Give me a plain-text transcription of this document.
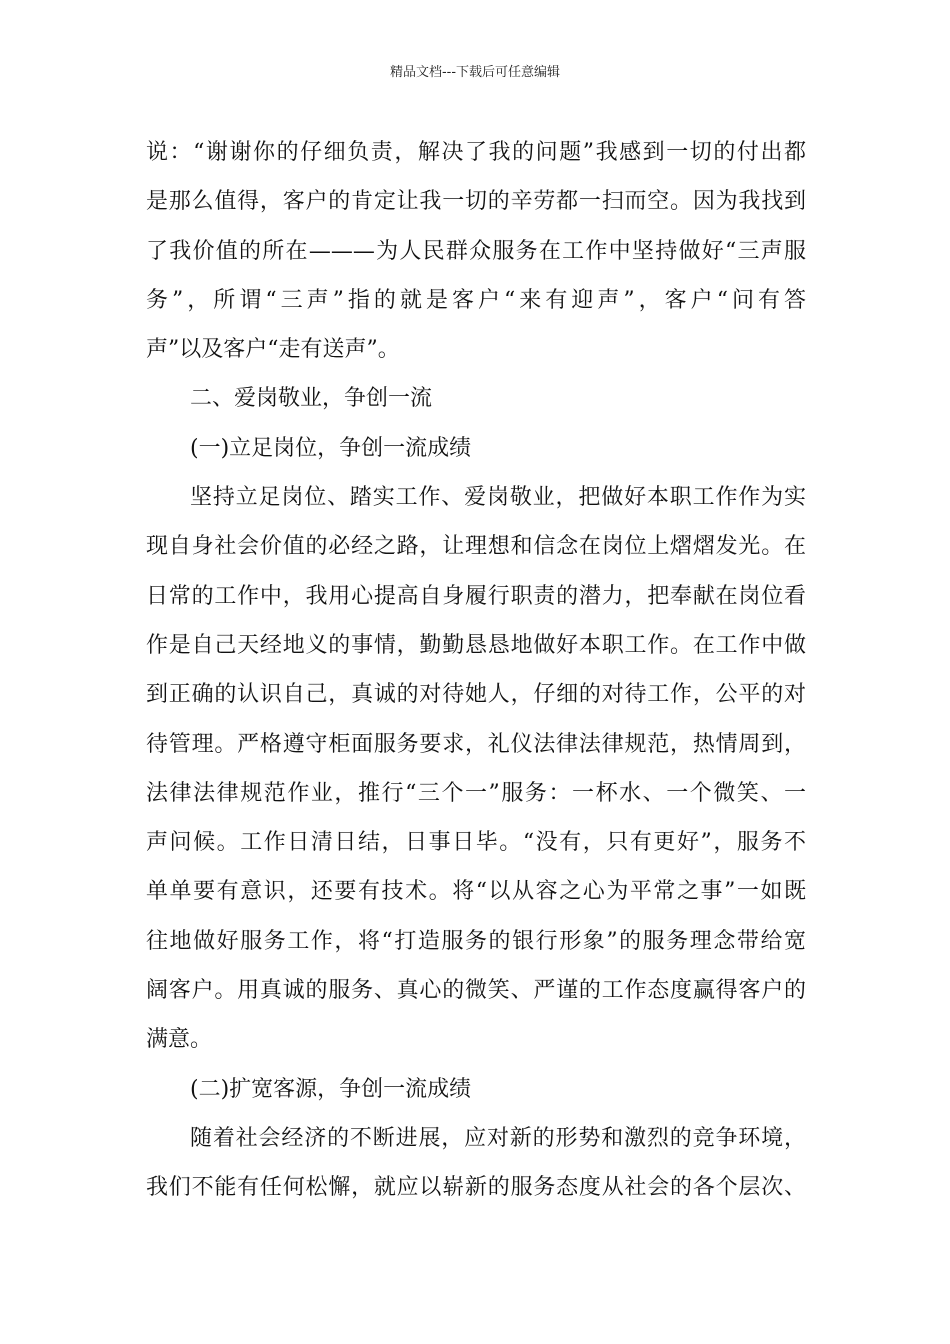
精品文档---下载后可任意编辑
说：“谢谢你的仔细负责，解决了我的问题”我感到一切的付出都
是那么值得，客户的肯定让我一切的辛劳都一扫而空。因为我找到
了我价值的所在———为人民群众服务在工作中坚持做好“三声服
务”，所谓“三声”指的就是客户“来有迎声”，客户“问有答
声”以及客户“走有送声”。
二、爱岗敬业，争创一流
(一)立足岗位，争创一流成绩
坚持立足岗位、踏实工作、爱岗敬业，把做好本职工作作为实
现自身社会价值的必经之路，让理想和信念在岗位上熠熠发光。在
日常的工作中，我用心提高自身履行职责的潜力，把奉献在岗位看
作是自己天经地义的事情，勤勤恳恳地做好本职工作。在工作中做
到正确的认识自己，真诚的对待她人，仔细的对待工作，公平的对
待管理。严格遵守柜面服务要求，礼仪法律法律规范，热情周到，
法律法律规范作业，推行“三个一”服务：一杯水、一个微笑、一
声问候。工作日清日结，日事日毕。“没有，只有更好”，服务不
单单要有意识，还要有技术。将“以从容之心为平常之事”一如既
往地做好服务工作，将“打造服务的银行形象”的服务理念带给宽
阔客户。用真诚的服务、真心的微笑、严谨的工作态度赢得客户的
满意。
(二)扩宽客源，争创一流成绩
随着社会经济的不断进展，应对新的形势和激烈的竞争环境，
我们不能有任何松懈，就应以崭新的服务态度从社会的各个层次、
